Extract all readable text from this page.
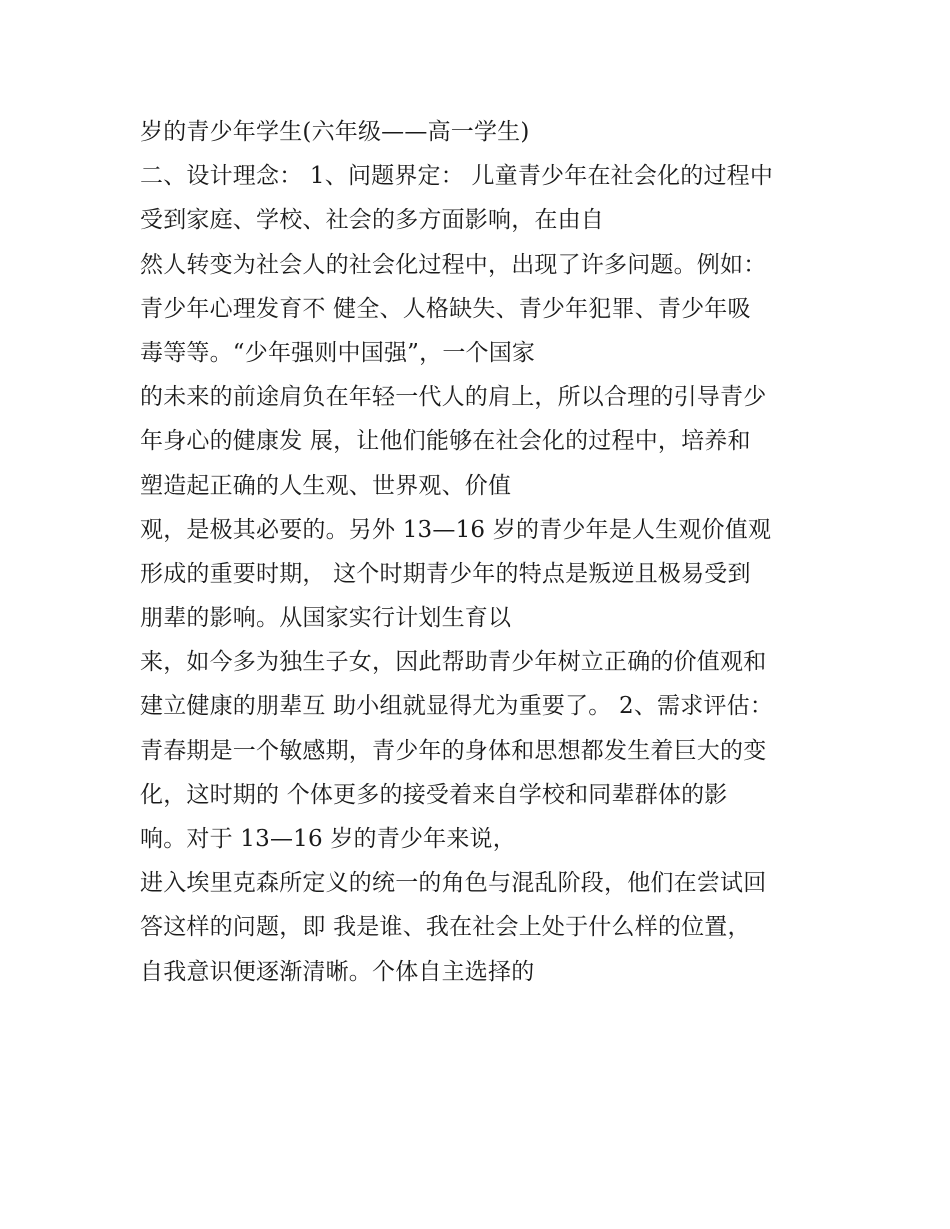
岁的青少年学生(六年级——高一学生)
二、设计理念： 1、问题界定： 儿童青少年在社会化的过程中
受到家庭、学校、社会的多方面影响，在由自
然人转变为社会人的社会化过程中，出现了许多问题。例如：
青少年心理发育不 健全、人格缺失、青少年犯罪、青少年吸
毒等等。“少年强则中国强”，一个国家
的未来的前途肩负在年轻一代人的肩上，所以合理的引导青少
年身心的健康发 展，让他们能够在社会化的过程中，培养和
塑造起正确的人生观、世界观、价值
观，是极其必要的。另外 13—16 岁的青少年是人生观价值观
形成的重要时期， 这个时期青少年的特点是叛逆且极易受到
朋辈的影响。从国家实行计划生育以
来，如今多为独生子女，因此帮助青少年树立正确的价值观和
建立健康的朋辈互 助小组就显得尤为重要了。 2、需求评估：
青春期是一个敏感期，青少年的身体和思想都发生着巨大的变
化，这时期的 个体更多的接受着来自学校和同辈群体的影
响。对于 13—16 岁的青少年来说，
进入埃里克森所定义的统一的角色与混乱阶段，他们在尝试回
答这样的问题，即 我是谁、我在社会上处于什么样的位置，
自我意识便逐渐清晰。个体自主选择的
